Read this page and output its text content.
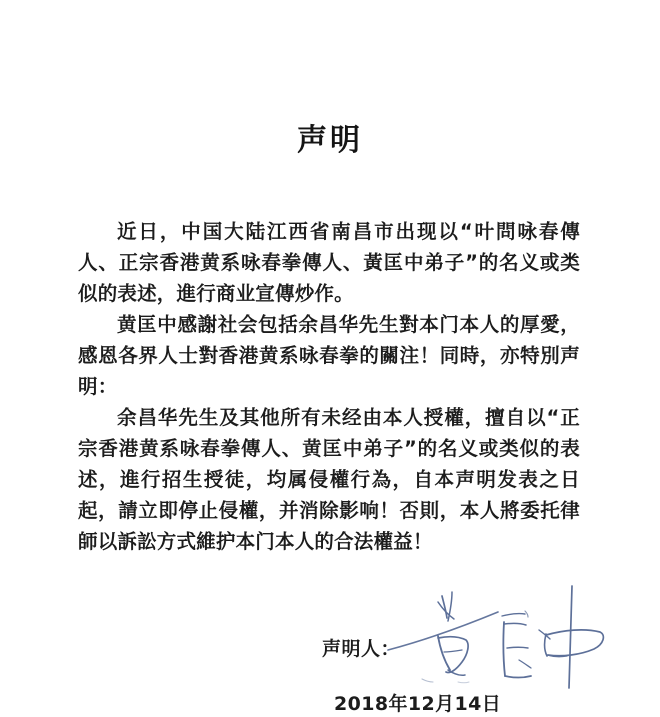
声明

近日，中国大陆江西省南昌市出现以“叶問咏春傳人、正宗香港黄系咏春拳傳人、黃匡中弟子”的名义或类似的表述，進行商业宣傳炒作。

黄匡中感謝社会包括余昌华先生對本门本人的厚愛，感恩各界人士對香港黄系咏春拳的關注！同時，亦特別声明：

余昌华先生及其他所有未经由本人授權，擅自以“正宗香港黄系咏春拳傳人、黄匡中弟子”的名义或类似的表述，進行招生授徒，均属侵權行為，自本声明发表之日起，請立即停止侵權，并消除影响！否則，本人將委托律師以訴訟方式維护本门本人的合法權益！

声明人：
2018年12月14日
